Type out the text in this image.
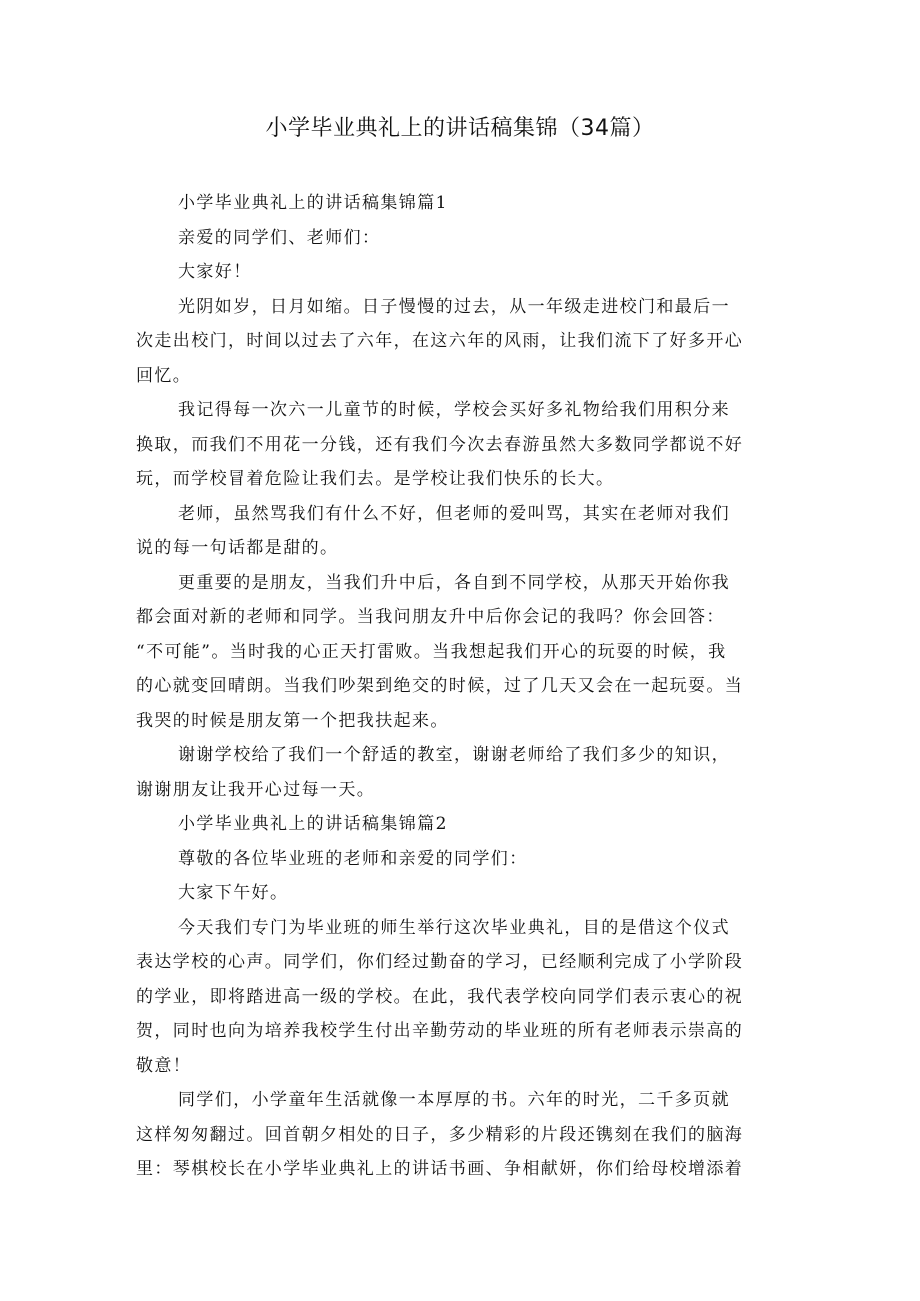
小学毕业典礼上的讲话稿集锦（34篇）
小学毕业典礼上的讲话稿集锦篇1
亲爱的同学们、老师们：
大家好！
光阴如岁，日月如缩。日子慢慢的过去，从一年级走进校门和最后一
次走出校门，时间以过去了六年，在这六年的风雨，让我们流下了好多开心
回忆。
我记得每一次六一儿童节的时候，学校会买好多礼物给我们用积分来
换取，而我们不用花一分钱，还有我们今次去春游虽然大多数同学都说不好
玩，而学校冒着危险让我们去。是学校让我们快乐的长大。
老师，虽然骂我们有什么不好，但老师的爱叫骂，其实在老师对我们
说的每一句话都是甜的。
更重要的是朋友，当我们升中后，各自到不同学校，从那天开始你我
都会面对新的老师和同学。当我问朋友升中后你会记的我吗？你会回答：
“不可能”。当时我的心正天打雷败。当我想起我们开心的玩耍的时候，我
的心就变回晴朗。当我们吵架到绝交的时候，过了几天又会在一起玩耍。当
我哭的时候是朋友第一个把我扶起来。
谢谢学校给了我们一个舒适的教室，谢谢老师给了我们多少的知识，
谢谢朋友让我开心过每一天。
小学毕业典礼上的讲话稿集锦篇2
尊敬的各位毕业班的老师和亲爱的同学们：
大家下午好。
今天我们专门为毕业班的师生举行这次毕业典礼，目的是借这个仪式
表达学校的心声。同学们，你们经过勤奋的学习，已经顺利完成了小学阶段
的学业，即将踏进高一级的学校。在此，我代表学校向同学们表示衷心的祝
贺，同时也向为培养我校学生付出辛勤劳动的毕业班的所有老师表示崇高的
敬意！
同学们，小学童年生活就像一本厚厚的书。六年的时光，二千多页就
这样匆匆翻过。回首朝夕相处的日子，多少精彩的片段还镌刻在我们的脑海
里：琴棋校长在小学毕业典礼上的讲话书画、争相献妍，你们给母校增添着
